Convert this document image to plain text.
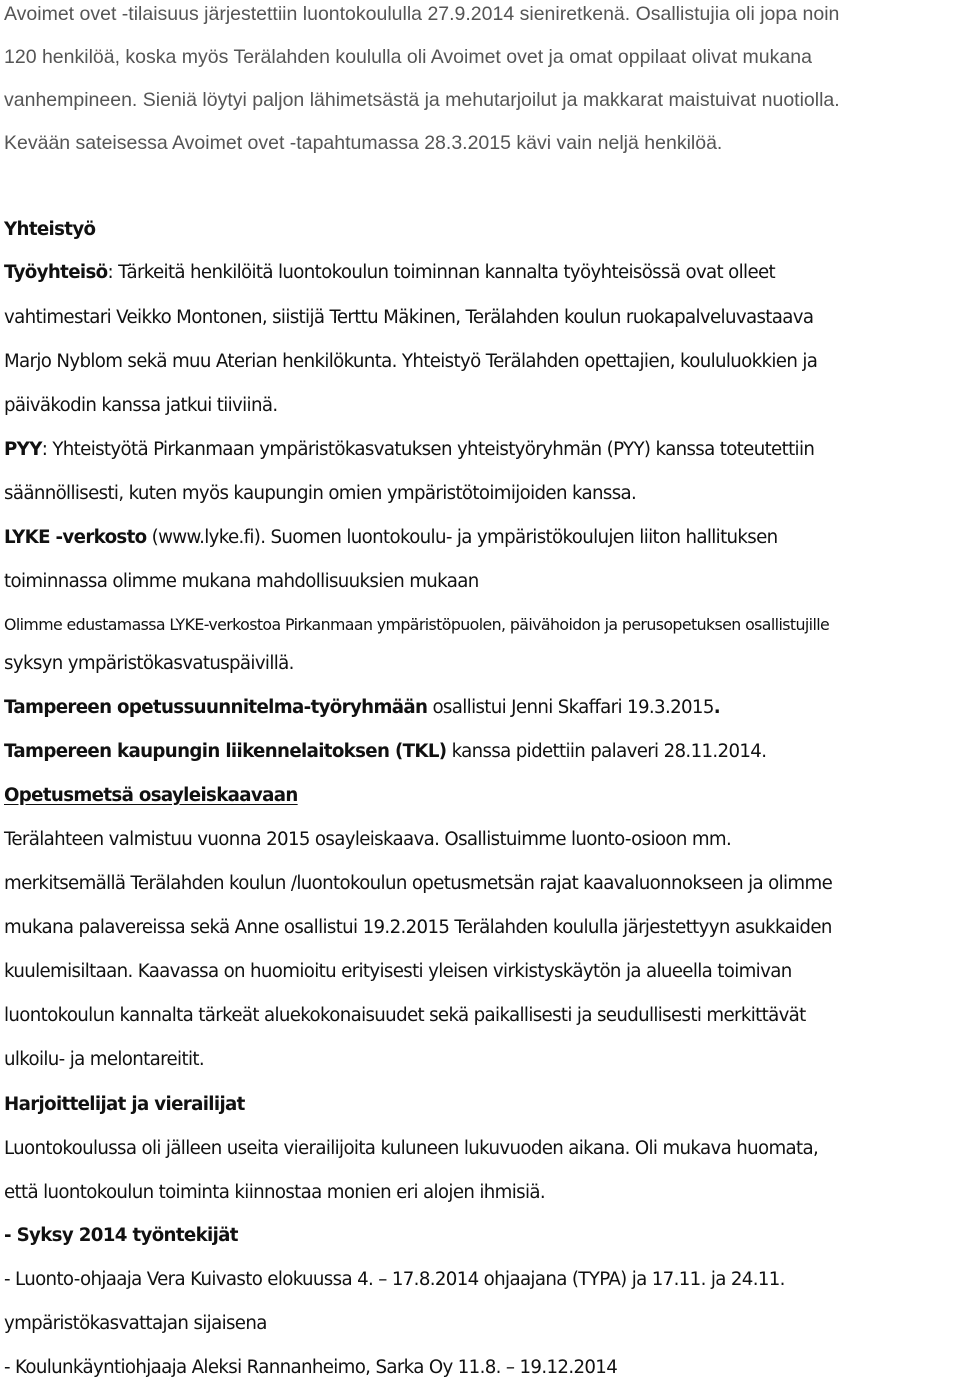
Avoimet ovet -tilaisuus järjestettiin luontokoululla 27.9.2014 sieniretkenä. Osallistujia oli jopa noin
120 henkilöä, koska myös Terälahden koululla oli Avoimet ovet ja omat oppilaat olivat mukana
vanhempineen. Sieniä löytyi paljon lähimetsästä ja mehutarjoilut ja makkarat maistuivat nuotiolla.
Kevään sateisessa Avoimet ovet -tapahtumassa 28.3.2015 kävi vain neljä henkilöä.
Yhteistyö
Työyhteisö: Tärkeitä henkilöitä luontokoulun toiminnan kannalta työyhteisössä ovat olleet
vahtimestari Veikko Montonen, siistijä Terttu Mäkinen, Terälahden koulun ruokapalveluvastaava
Marjo Nyblom sekä muu Aterian henkilökunta. Yhteistyö Terälahden opettajien, koululuokkien ja
päiväkodin kanssa jatkui tiiviinä.
PYY: Yhteistyötä Pirkanmaan ympäristökasvatuksen yhteistyöryhmän (PYY) kanssa toteutettiin
säännöllisesti, kuten myös kaupungin omien ympäristötoimijoiden kanssa.
LYKE -verkosto (www.lyke.fi). Suomen luontokoulu- ja ympäristökoulujen liiton hallituksen
toiminnassa olimme mukana mahdollisuuksien mukaan
Olimme edustamassa LYKE-verkostoa Pirkanmaan ympäristöpuolen, päivähoidon ja perusopetuksen osallistujille
syksyn ympäristökasvatuspäivillä.
Tampereen opetussuunnitelma-työryhmään osallistui Jenni Skaffari 19.3.2015.
Tampereen kaupungin liikennelaitoksen (TKL) kanssa pidettiin palaveri 28.11.2014.
Opetusmetsä osayleiskaavaan
Terälahteen valmistuu vuonna 2015 osayleiskaava. Osallistuimme luonto-osioon mm.
merkitsemällä Terälahden koulun /luontokoulun opetusmetsän rajat kaavaluonnokseen ja olimme
mukana palavereissa sekä Anne osallistui 19.2.2015 Terälahden koululla järjestettyyn asukkaiden
kuulemisiltaan. Kaavassa on huomioitu erityisesti yleisen virkistyskäytön ja alueella toimivan
luontokoulun kannalta tärkeät aluekokonaisuudet sekä paikallisesti ja seudullisesti merkittävät
ulkoilu- ja melontareitit.
Harjoittelijat ja vierailijat
Luontokoulussa oli jälleen useita vierailijoita kuluneen lukuvuoden aikana. Oli mukava huomata,
että luontokoulun toiminta kiinnostaa monien eri alojen ihmisiä.
- Syksy 2014 työntekijät
- Luonto-ohjaaja Vera Kuivasto elokuussa 4. – 17.8.2014 ohjaajana (TYPA) ja 17.11. ja 24.11.
ympäristökasvattajan sijaisena
- Koulunkäyntiohjaaja Aleksi Rannanheimo, Sarka Oy 11.8. – 19.12.2014
